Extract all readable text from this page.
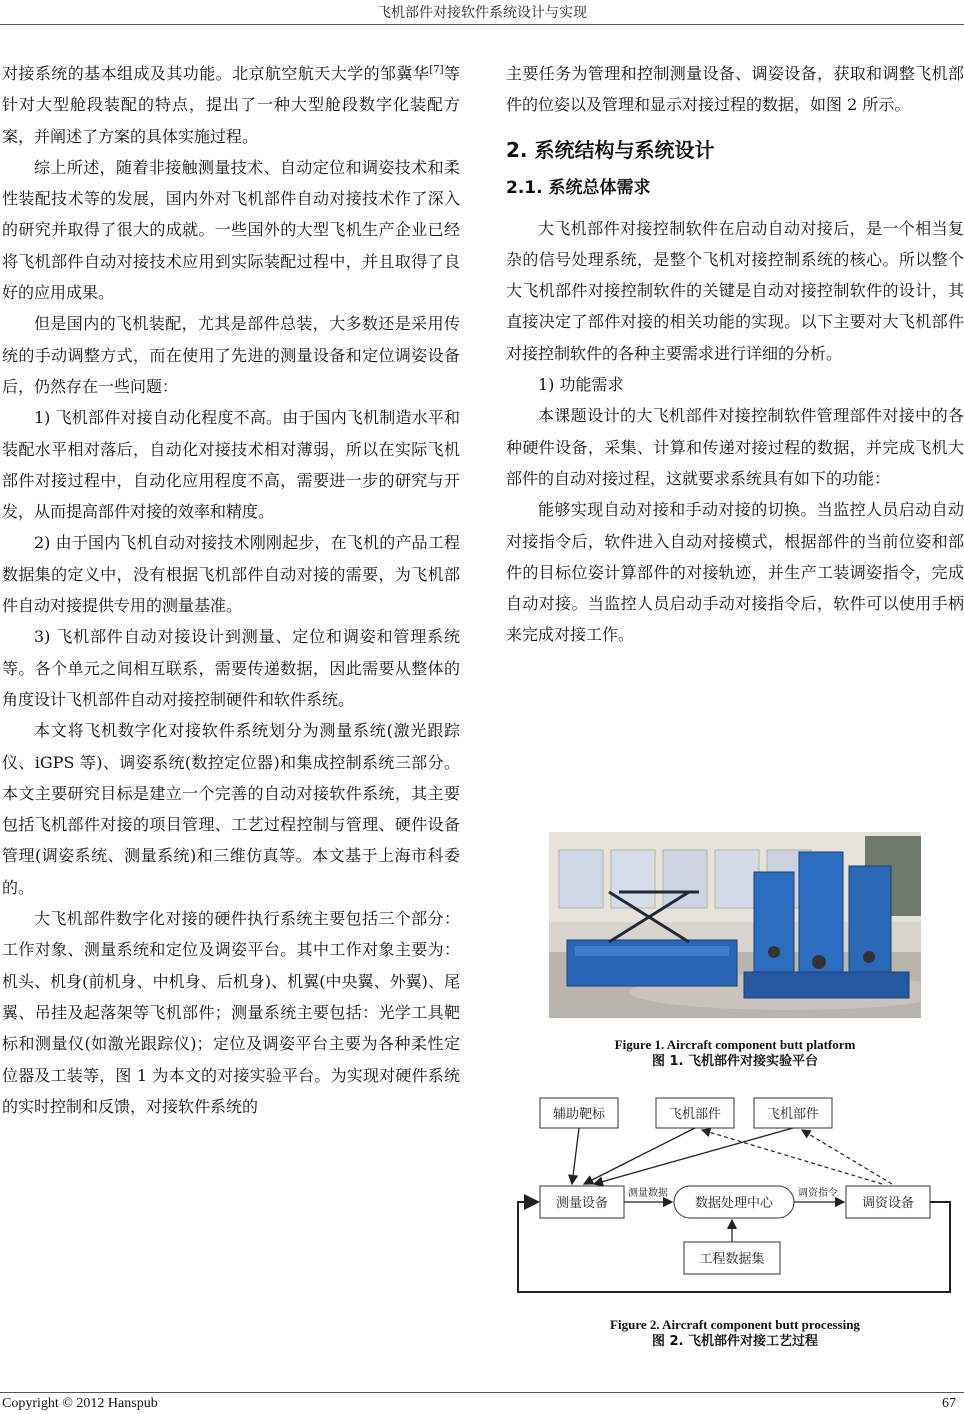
飞机部件对接软件系统设计与实现

对接系统的基本组成及其功能。北京航空航天大学的邹冀华[7]等针对大型舱段装配的特点，提出了一种大型舱段数字化装配方案，并阐述了方案的具体实施过程。

综上所述，随着非接触测量技术、自动定位和调姿技术和柔性装配技术等的发展，国内外对飞机部件自动对接技术作了深入的研究并取得了很大的成就。一些国外的大型飞机生产企业已经将飞机部件自动对接技术应用到实际装配过程中，并且取得了良好的应用成果。

但是国内的飞机装配，尤其是部件总装，大多数还是采用传统的手动调整方式，而在使用了先进的测量设备和定位调姿设备后，仍然存在一些问题：

1) 飞机部件对接自动化程度不高。由于国内飞机制造水平和装配水平相对落后，自动化对接技术相对薄弱，所以在实际飞机部件对接过程中，自动化应用程度不高，需要进一步的研究与开发，从而提高部件对接的效率和精度。

2) 由于国内飞机自动对接技术刚刚起步，在飞机的产品工程数据集的定义中，没有根据飞机部件自动对接的需要，为飞机部件自动对接提供专用的测量基准。

3) 飞机部件自动对接设计到测量、定位和调姿和管理系统等。各个单元之间相互联系，需要传递数据，因此需要从整体的角度设计飞机部件自动对接控制硬件和软件系统。

本文将飞机数字化对接软件系统划分为测量系统(激光跟踪仪、iGPS 等)、调姿系统(数控定位器)和集成控制系统三部分。本文主要研究目标是建立一个完善的自动对接软件系统，其主要包括飞机部件对接的项目管理、工艺过程控制与管理、硬件设备管理(调姿系统、测量系统)和三维仿真等。本文基于上海市科委的。

大飞机部件数字化对接的硬件执行系统主要包括三个部分：工作对象、测量系统和定位及调姿平台。其中工作对象主要为：机头、机身(前机身、中机身、后机身)、机翼(中央翼、外翼)、尾翼、吊挂及起落架等飞机部件；测量系统主要包括：光学工具靶标和测量仪(如激光跟踪仪)；定位及调姿平台主要为各种柔性定位器及工装等，图 1 为本文的对接实验平台。为实现对硬件系统的实时控制和反馈，对接软件系统的

主要任务为管理和控制测量设备、调姿设备，获取和调整飞机部件的位姿以及管理和显示对接过程的数据，如图 2 所示。

2. 系统结构与系统设计

2.1. 系统总体需求

大飞机部件对接控制软件在启动自动对接后，是一个相当复杂的信号处理系统，是整个飞机对接控制系统的核心。所以整个大飞机部件对接控制软件的关键是自动对接控制软件的设计，其直接决定了部件对接的相关功能的实现。以下主要对大飞机部件对接控制软件的各种主要需求进行详细的分析。

1) 功能需求

本课题设计的大飞机部件对接控制软件管理部件对接中的各种硬件设备，采集、计算和传递对接过程的数据，并完成飞机大部件的自动对接过程，这就要求系统具有如下的功能：

能够实现自动对接和手动对接的切换。当监控人员启动自动对接指令后，软件进入自动对接模式，根据部件的当前位姿和部件的目标位姿计算部件的对接轨迹，并生产工装调姿指令，完成自动对接。当监控人员启动手动对接指令后，软件可以使用手柄来完成对接工作。

Figure 1. Aircraft component butt platform
图 1. 飞机部件对接实验平台
辅助靶标	飞机部件	飞机部件
测量设备	数据处理中心	调资设备
工程数据集
测量数据	调资指令
Figure 2. Aircraft component butt processing
图 2. 飞机部件对接工艺过程
Copyright © 2012 Hanspub	67
